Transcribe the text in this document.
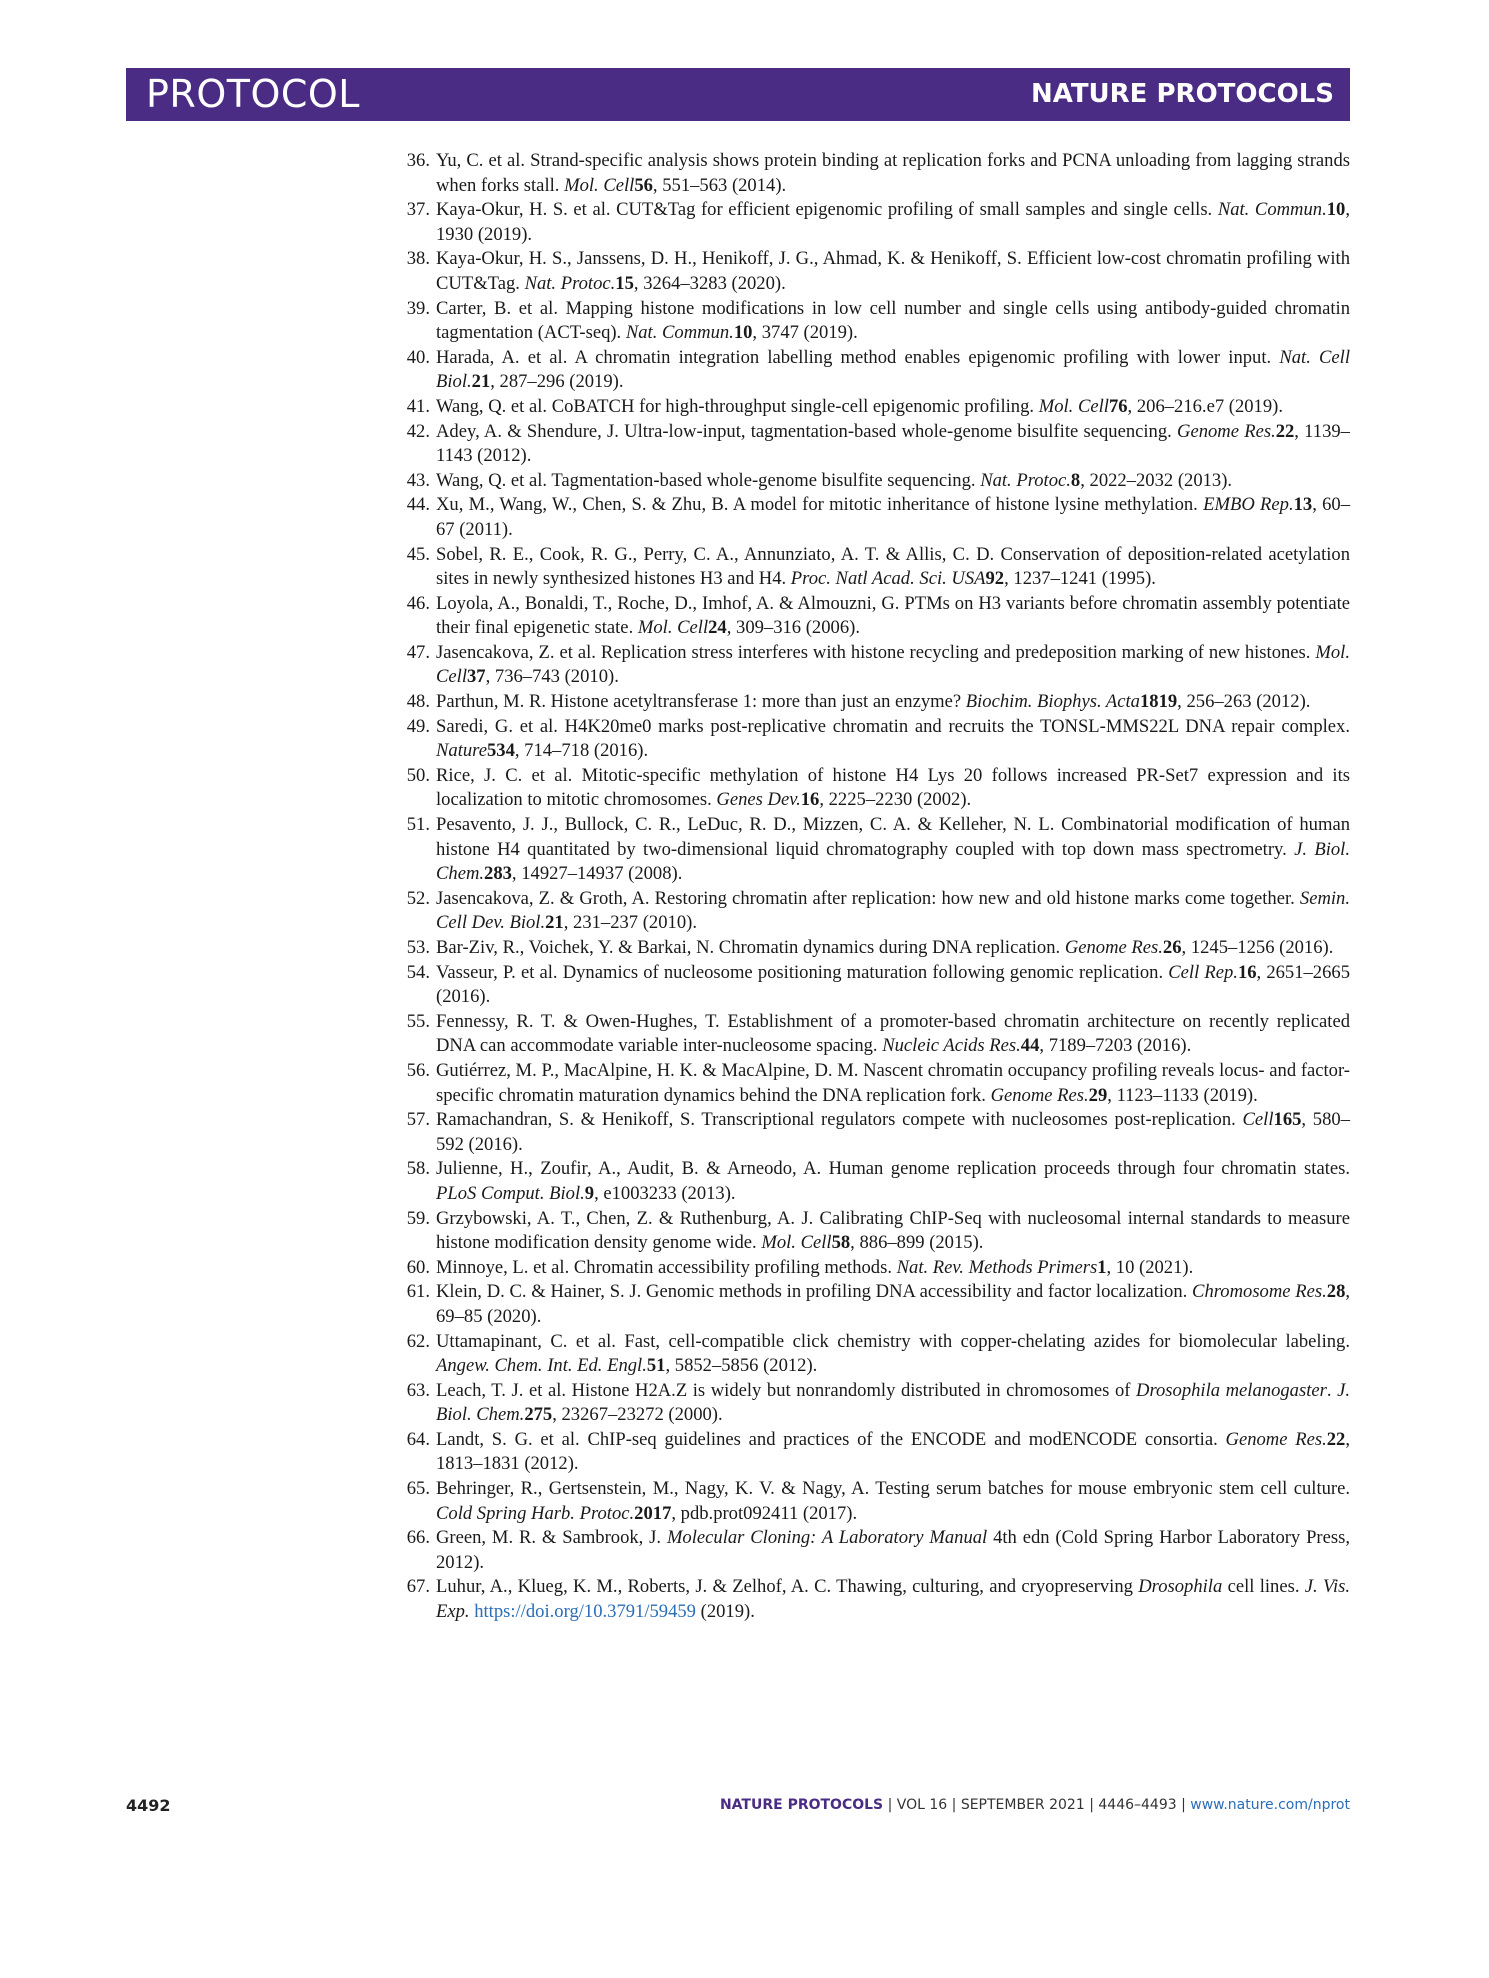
PROTOCOL	NATURE PROTOCOLS
36. Yu, C. et al. Strand-specific analysis shows protein binding at replication forks and PCNA unloading from lagging strands when forks stall. Mol. Cell56, 551–563 (2014).
37. Kaya-Okur, H. S. et al. CUT&Tag for efficient epigenomic profiling of small samples and single cells. Nat. Commun.10, 1930 (2019).
38. Kaya-Okur, H. S., Janssens, D. H., Henikoff, J. G., Ahmad, K. & Henikoff, S. Efficient low-cost chromatin profiling with CUT&Tag. Nat. Protoc.15, 3264–3283 (2020).
39. Carter, B. et al. Mapping histone modifications in low cell number and single cells using antibody-guided chromatin tagmentation (ACT-seq). Nat. Commun.10, 3747 (2019).
40. Harada, A. et al. A chromatin integration labelling method enables epigenomic profiling with lower input. Nat. Cell Biol.21, 287–296 (2019).
41. Wang, Q. et al. CoBATCH for high-throughput single-cell epigenomic profiling. Mol. Cell76, 206–216.e7 (2019).
42. Adey, A. & Shendure, J. Ultra-low-input, tagmentation-based whole-genome bisulfite sequencing. Genome Res.22, 1139–1143 (2012).
43. Wang, Q. et al. Tagmentation-based whole-genome bisulfite sequencing. Nat. Protoc.8, 2022–2032 (2013).
44. Xu, M., Wang, W., Chen, S. & Zhu, B. A model for mitotic inheritance of histone lysine methylation. EMBO Rep.13, 60–67 (2011).
45. Sobel, R. E., Cook, R. G., Perry, C. A., Annunziato, A. T. & Allis, C. D. Conservation of deposition-related acetylation sites in newly synthesized histones H3 and H4. Proc. Natl Acad. Sci. USA92, 1237–1241 (1995).
46. Loyola, A., Bonaldi, T., Roche, D., Imhof, A. & Almouzni, G. PTMs on H3 variants before chromatin assembly potentiate their final epigenetic state. Mol. Cell24, 309–316 (2006).
47. Jasencakova, Z. et al. Replication stress interferes with histone recycling and predeposition marking of new histones. Mol. Cell37, 736–743 (2010).
48. Parthun, M. R. Histone acetyltransferase 1: more than just an enzyme? Biochim. Biophys. Acta1819, 256–263 (2012).
49. Saredi, G. et al. H4K20me0 marks post-replicative chromatin and recruits the TONSL-MMS22L DNA repair complex. Nature534, 714–718 (2016).
50. Rice, J. C. et al. Mitotic-specific methylation of histone H4 Lys 20 follows increased PR-Set7 expression and its localization to mitotic chromosomes. Genes Dev.16, 2225–2230 (2002).
51. Pesavento, J. J., Bullock, C. R., LeDuc, R. D., Mizzen, C. A. & Kelleher, N. L. Combinatorial modification of human histone H4 quantitated by two-dimensional liquid chromatography coupled with top down mass spectrometry. J. Biol. Chem.283, 14927–14937 (2008).
52. Jasencakova, Z. & Groth, A. Restoring chromatin after replication: how new and old histone marks come together. Semin. Cell Dev. Biol.21, 231–237 (2010).
53. Bar-Ziv, R., Voichek, Y. & Barkai, N. Chromatin dynamics during DNA replication. Genome Res.26, 1245–1256 (2016).
54. Vasseur, P. et al. Dynamics of nucleosome positioning maturation following genomic replication. Cell Rep.16, 2651–2665 (2016).
55. Fennessy, R. T. & Owen-Hughes, T. Establishment of a promoter-based chromatin architecture on recently replicated DNA can accommodate variable inter-nucleosome spacing. Nucleic Acids Res.44, 7189–7203 (2016).
56. Gutiérrez, M. P., MacAlpine, H. K. & MacAlpine, D. M. Nascent chromatin occupancy profiling reveals locus- and factor-specific chromatin maturation dynamics behind the DNA replication fork. Genome Res.29, 1123–1133 (2019).
57. Ramachandran, S. & Henikoff, S. Transcriptional regulators compete with nucleosomes post-replication. Cell165, 580–592 (2016).
58. Julienne, H., Zoufir, A., Audit, B. & Arneodo, A. Human genome replication proceeds through four chromatin states. PLoS Comput. Biol.9, e1003233 (2013).
59. Grzybowski, A. T., Chen, Z. & Ruthenburg, A. J. Calibrating ChIP-Seq with nucleosomal internal standards to measure histone modification density genome wide. Mol. Cell58, 886–899 (2015).
60. Minnoye, L. et al. Chromatin accessibility profiling methods. Nat. Rev. Methods Primers1, 10 (2021).
61. Klein, D. C. & Hainer, S. J. Genomic methods in profiling DNA accessibility and factor localization. Chromosome Res.28, 69–85 (2020).
62. Uttamapinant, C. et al. Fast, cell-compatible click chemistry with copper-chelating azides for biomolecular labeling. Angew. Chem. Int. Ed. Engl.51, 5852–5856 (2012).
63. Leach, T. J. et al. Histone H2A.Z is widely but nonrandomly distributed in chromosomes of Drosophila melanogaster. J. Biol. Chem.275, 23267–23272 (2000).
64. Landt, S. G. et al. ChIP-seq guidelines and practices of the ENCODE and modENCODE consortia. Genome Res.22, 1813–1831 (2012).
65. Behringer, R., Gertsenstein, M., Nagy, K. V. & Nagy, A. Testing serum batches for mouse embryonic stem cell culture. Cold Spring Harb. Protoc.2017, pdb.prot092411 (2017).
66. Green, M. R. & Sambrook, J. Molecular Cloning: A Laboratory Manual 4th edn (Cold Spring Harbor Laboratory Press, 2012).
67. Luhur, A., Klueg, K. M., Roberts, J. & Zelhof, A. C. Thawing, culturing, and cryopreserving Drosophila cell lines. J. Vis. Exp. https://doi.org/10.3791/59459 (2019).
4492	NATURE PROTOCOLS | VOL 16 | SEPTEMBER 2021 | 4446–4493 | www.nature.com/nprot
